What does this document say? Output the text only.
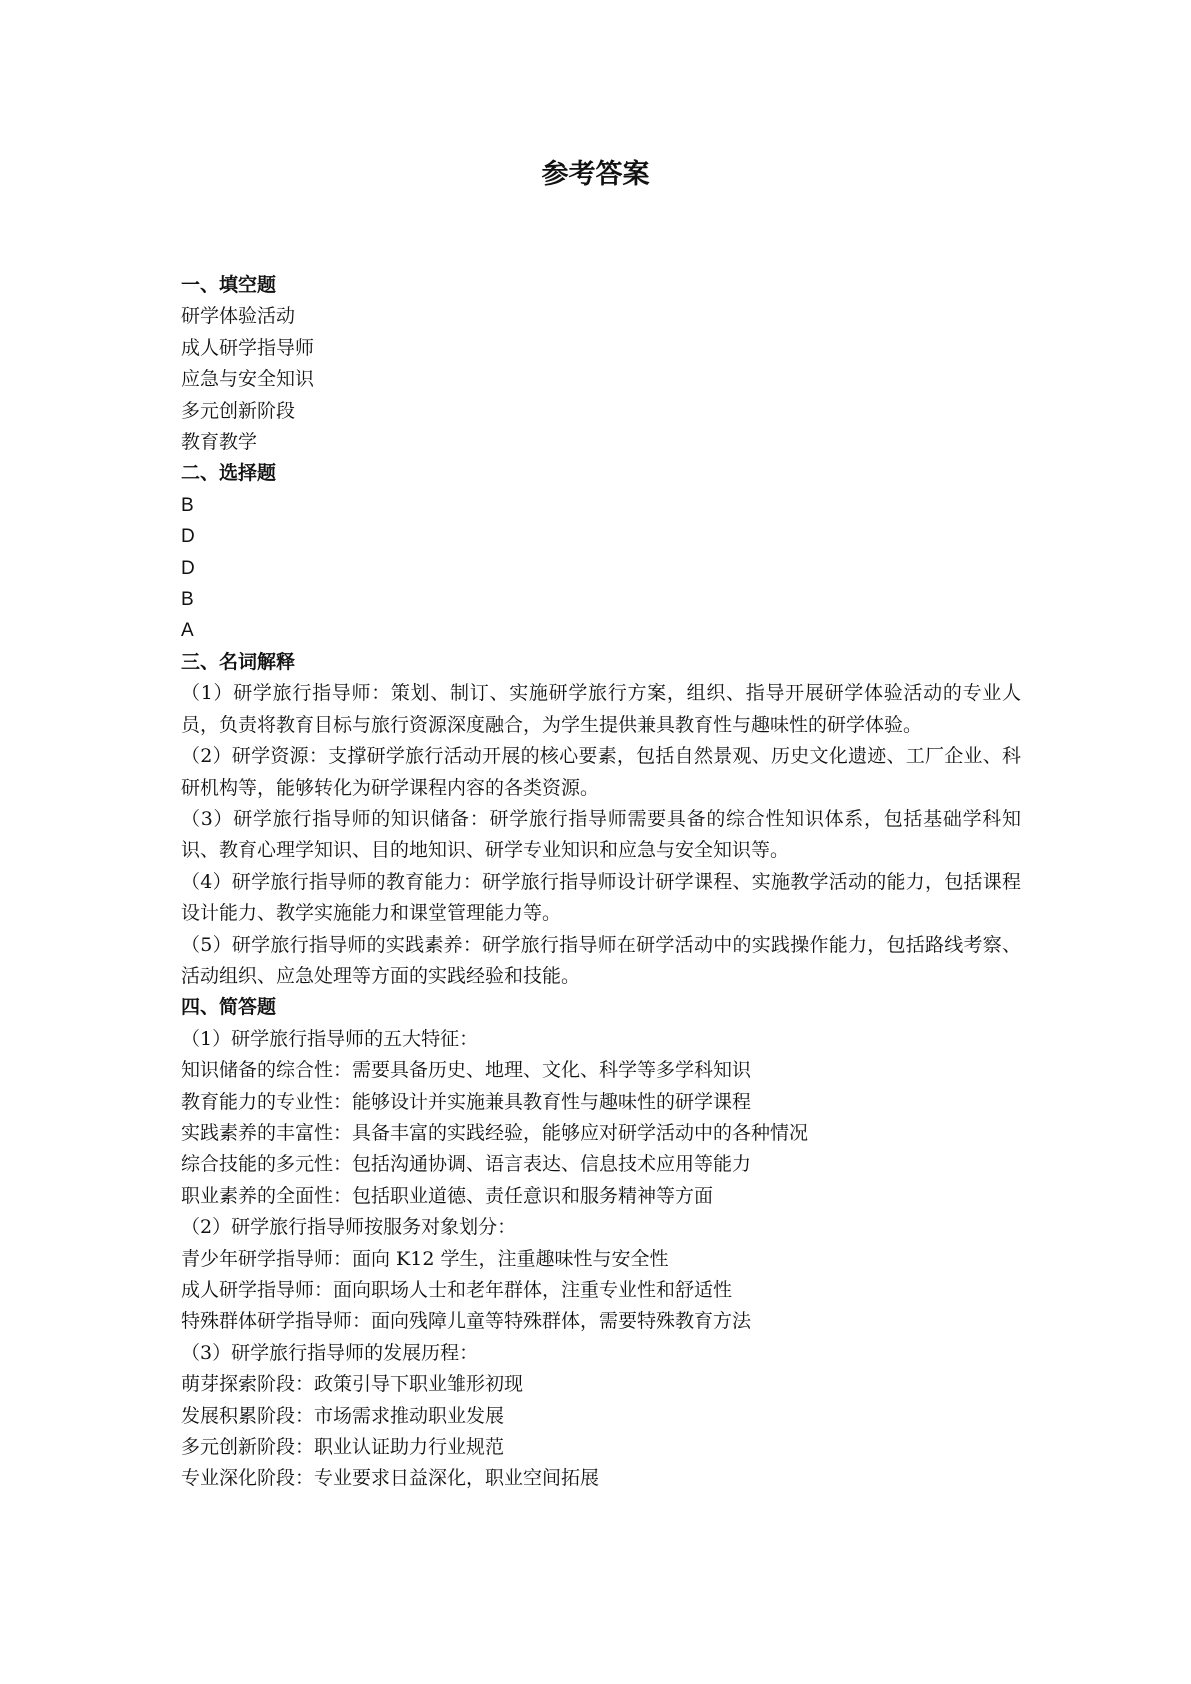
参考答案
一、填空题

研学体验活动

成人研学指导师

应急与安全知识

多元创新阶段

教育教学

二、选择题

B

D

D

B

A

三、名词解释

（1）研学旅行指导师：策划、制订、实施研学旅行方案，组织、指导开展研学体验活动的专业人员，负责将教育目标与旅行资源深度融合，为学生提供兼具教育性与趣味性的研学体验。

（2）研学资源：支撑研学旅行活动开展的核心要素，包括自然景观、历史文化遗迹、工厂企业、科研机构等，能够转化为研学课程内容的各类资源。

（3）研学旅行指导师的知识储备：研学旅行指导师需要具备的综合性知识体系，包括基础学科知识、教育心理学知识、目的地知识、研学专业知识和应急与安全知识等。

（4）研学旅行指导师的教育能力：研学旅行指导师设计研学课程、实施教学活动的能力，包括课程设计能力、教学实施能力和课堂管理能力等。

（5）研学旅行指导师的实践素养：研学旅行指导师在研学活动中的实践操作能力，包括路线考察、活动组织、应急处理等方面的实践经验和技能。

四、简答题

（1）研学旅行指导师的五大特征：

知识储备的综合性：需要具备历史、地理、文化、科学等多学科知识

教育能力的专业性：能够设计并实施兼具教育性与趣味性的研学课程

实践素养的丰富性：具备丰富的实践经验，能够应对研学活动中的各种情况

综合技能的多元性：包括沟通协调、语言表达、信息技术应用等能力

职业素养的全面性：包括职业道德、责任意识和服务精神等方面

（2）研学旅行指导师按服务对象划分：

青少年研学指导师：面向 K12 学生，注重趣味性与安全性

成人研学指导师：面向职场人士和老年群体，注重专业性和舒适性

特殊群体研学指导师：面向残障儿童等特殊群体，需要特殊教育方法

（3）研学旅行指导师的发展历程：

萌芽探索阶段：政策引导下职业雏形初现

发展积累阶段：市场需求推动职业发展

多元创新阶段：职业认证助力行业规范

专业深化阶段：专业要求日益深化，职业空间拓展
